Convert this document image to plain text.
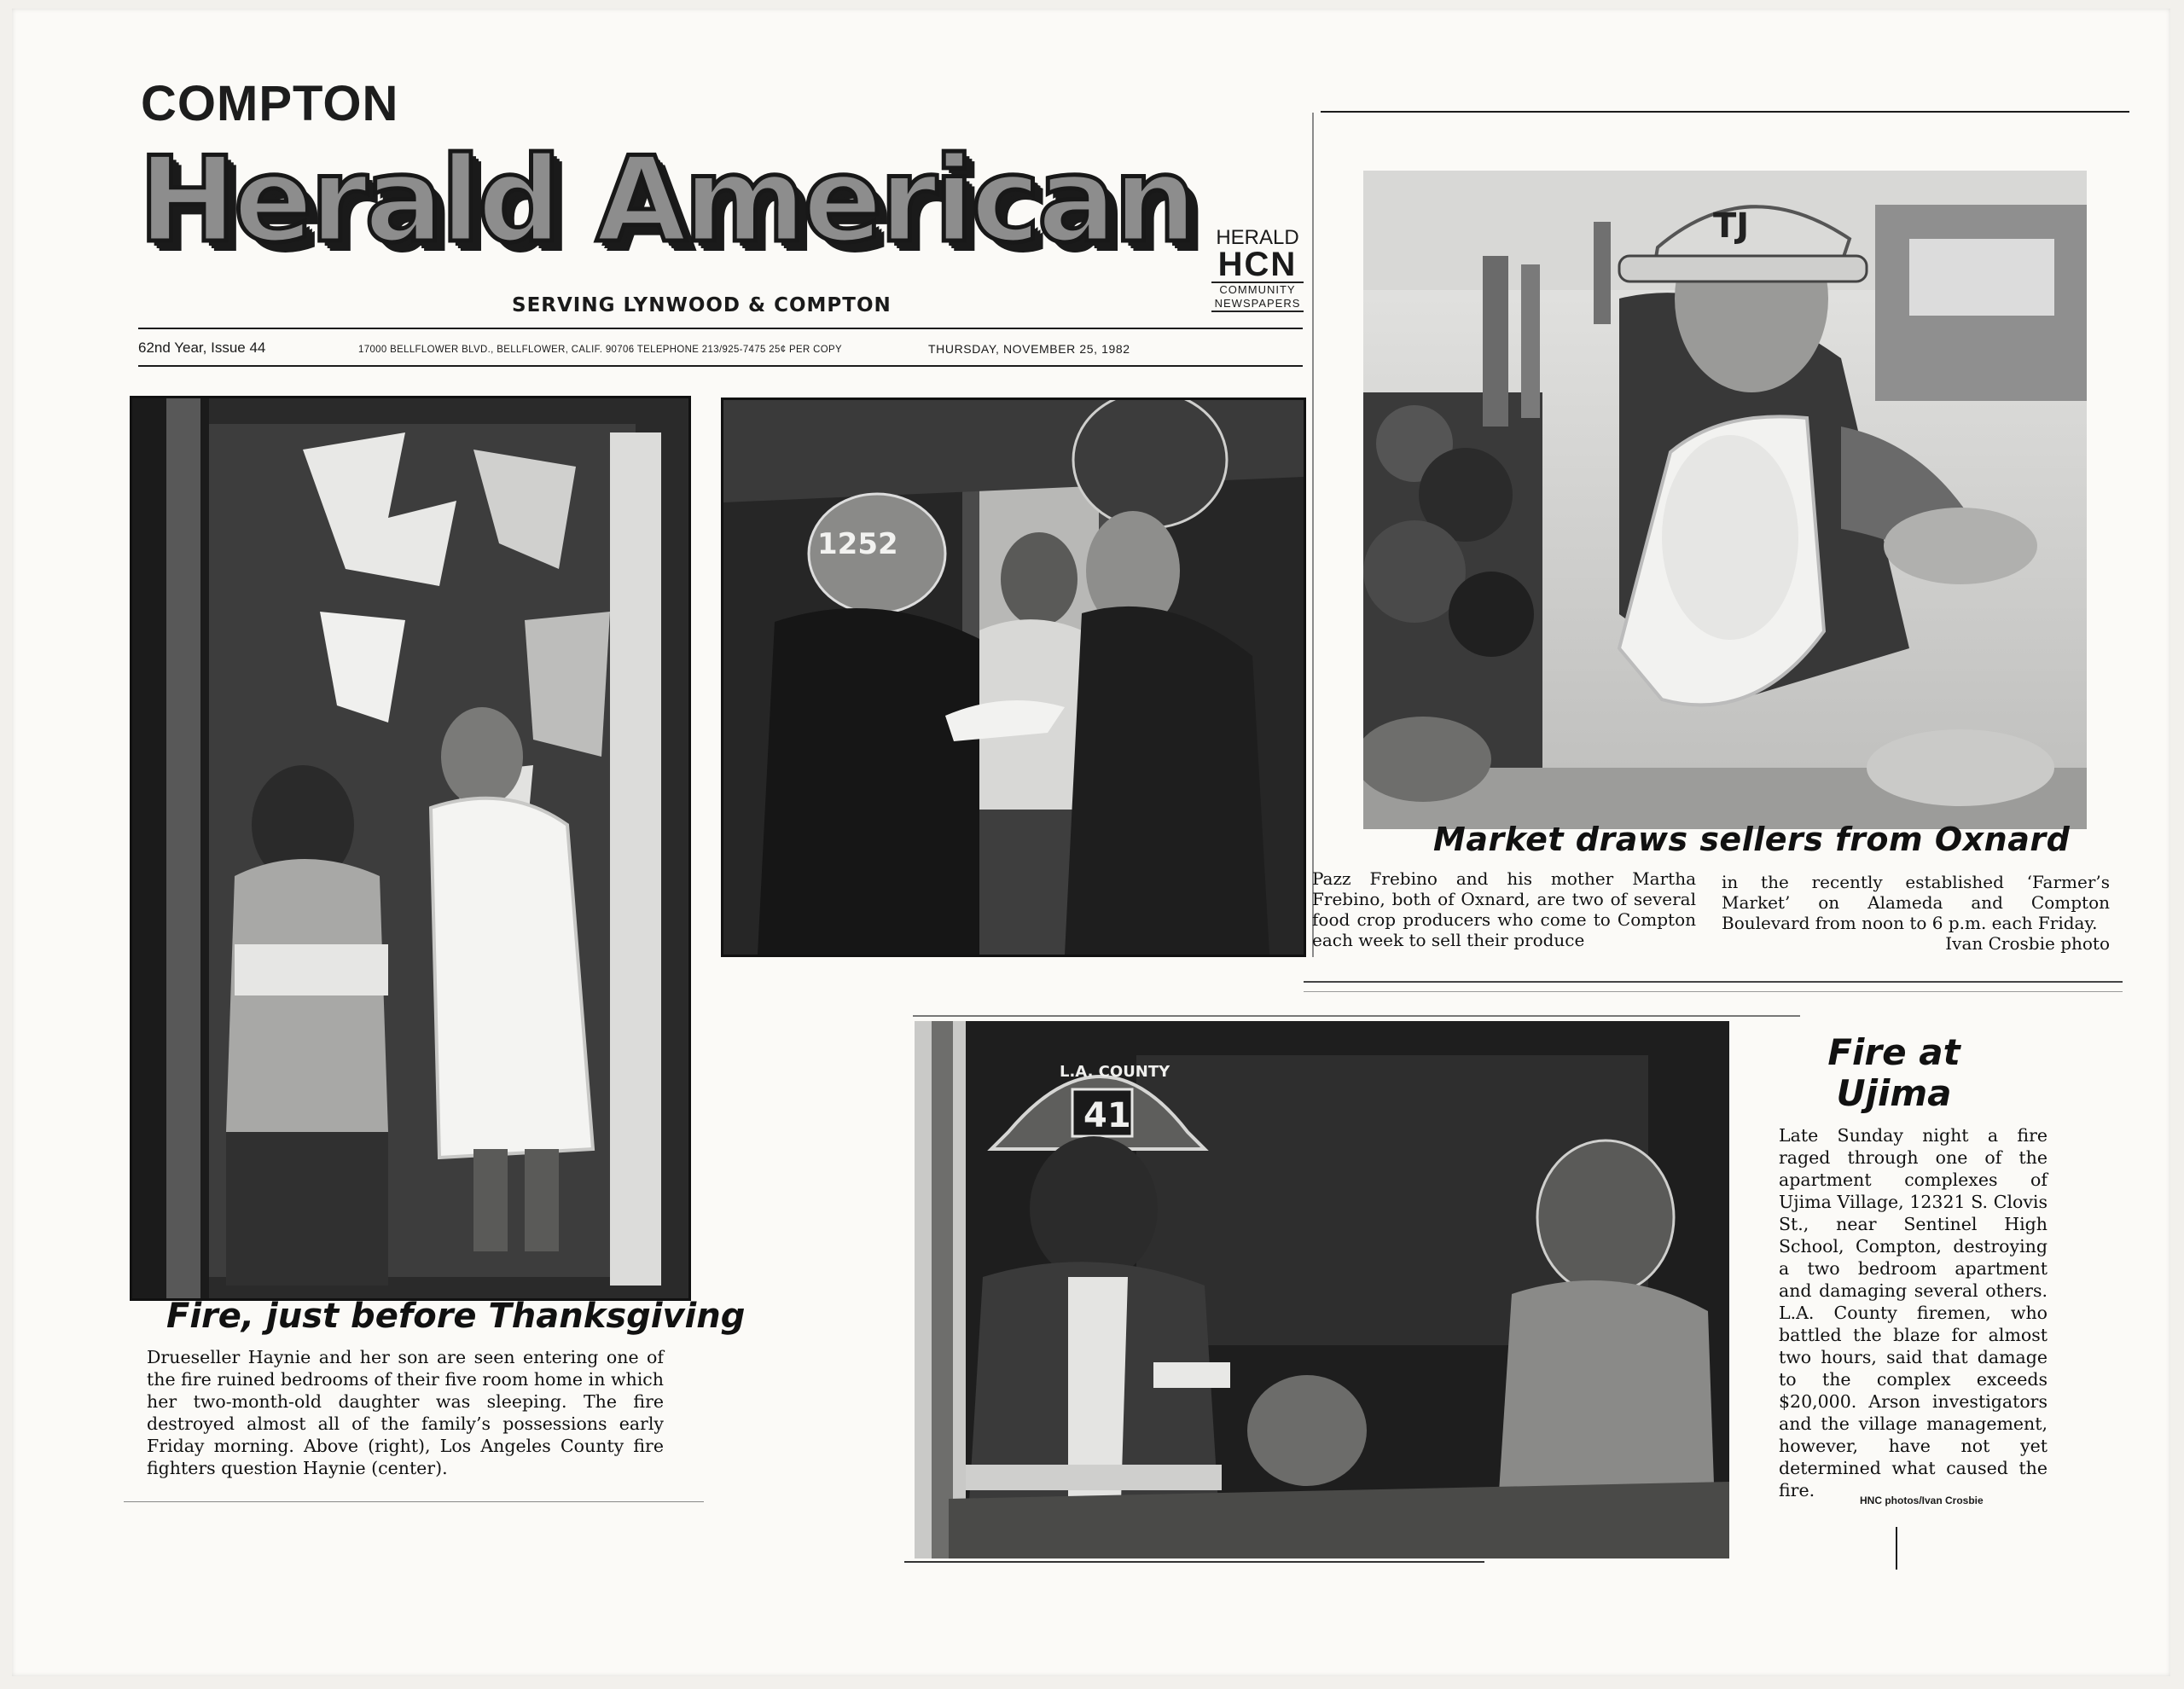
COMPTON
Herald American
SERVING LYNWOOD & COMPTON
HERALD
HCN
COMMUNITY
NEWSPAPERS
62nd Year, Issue 44	17000 BELLFLOWER BLVD., BELLFLOWER, CALIF. 90706 TELEPHONE 213/925-7475 25¢ PER COPY	THURSDAY, NOVEMBER 25, 1982
TJ
Market draws sellers from Oxnard
Pazz Frebino and his mother Martha Frebino, both of Oxnard, are two of several food crop producers who come to Compton each week to sell their produce
in the recently established ‘Farmer’s Market’ on Alameda and Compton Boulevard from noon to 6 p.m. each Friday.
Ivan Crosbie photo
Fire, just before Thanksgiving
Drueseller Haynie and her son are seen entering one of the fire ruined bedrooms of their five room home in which her two-month-old daughter was sleeping. The fire destroyed almost all of the family’s possessions early Friday morning. Above (right), Los Angeles County fire fighters question Haynie (center).
1252
L.A. COUNTY
41
Fire at
Ujima
Late Sunday night a fire raged through one of the apartment complexes of Ujima Village, 12321 S. Clovis St., near Sentinel High School, Compton, destroying a two bedroom apartment and damaging several others. L.A. County firemen, who battled the blaze for almost two hours, said that damage to the complex exceeds $20,000. Arson investigators and the village management, however, have not yet determined what caused the fire.	HNC photos/Ivan Crosbie
